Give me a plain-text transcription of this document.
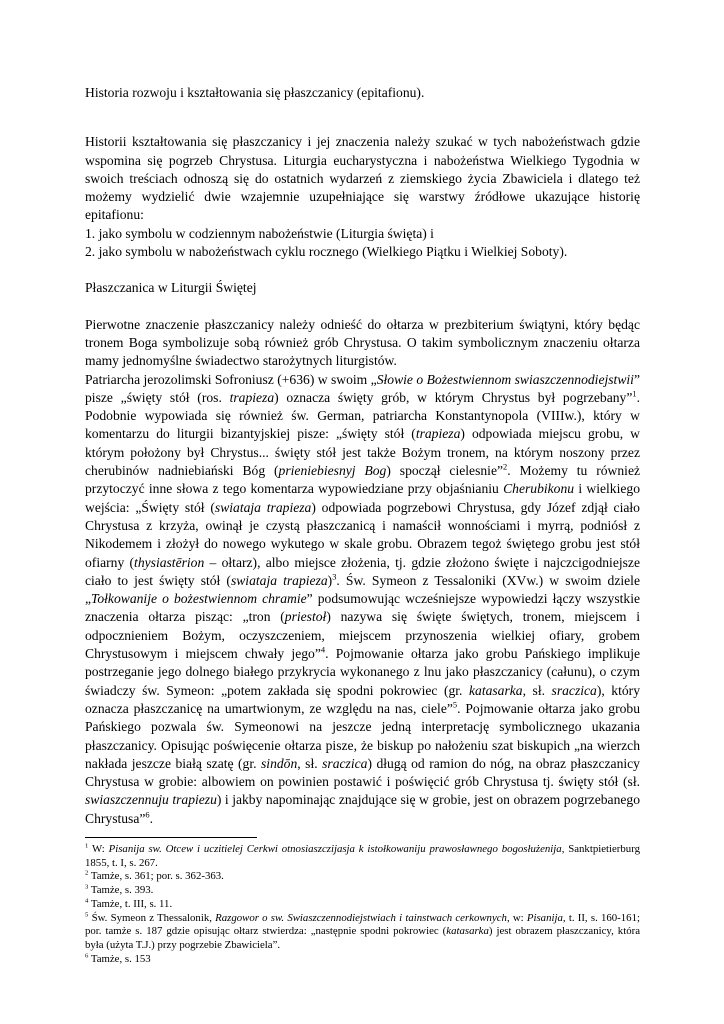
Historia rozwoju i kształtowania się płaszczanicy (epitafionu).

Historii kształtowania się płaszczanicy i jej znaczenia należy szukać w tych nabożeństwach gdzie wspomina się pogrzeb Chrystusa. Liturgia eucharystyczna i nabożeństwa Wielkiego Tygodnia w swoich treściach odnoszą się do ostatnich wydarzeń z ziemskiego życia Zbawiciela i dlatego też możemy wydzielić dwie wzajemnie uzupełniające się warstwy źródłowe ukazujące historię epitafionu:

1. jako symbolu w codziennym nabożeństwie (Liturgia święta) i

2. jako symbolu w nabożeństwach cyklu rocznego (Wielkiego Piątku i Wielkiej Soboty).

Płaszczanica w Liturgii Świętej

Pierwotne znaczenie płaszczanicy należy odnieść do ołtarza w prezbiterium świątyni, który będąc tronem Boga symbolizuje sobą również grób Chrystusa. O takim symbolicznym znaczeniu ołtarza mamy jednomyślne świadectwo starożytnych liturgistów.

Patriarcha jerozolimski Sofroniusz (+636) w swoim „Słowie o Bożestwiennom swiaszczennodiejstwii” pisze „święty stół (ros. trapieza) oznacza święty grób, w którym Chrystus był pogrzebany”$^1$. Podobnie wypowiada się również św. German, patriarcha Konstantynopola (VIIIw.), który w komentarzu do liturgii bizantyjskiej pisze: „święty stół (trapieza) odpowiada miejscu grobu, w którym położony był Chrystus... święty stół jest także Bożym tronem, na którym noszony przez cherubinów nadniebiański Bóg (prieniebiesnyj Bog) spoczął cielesnie”$^2$. Możemy tu również przytoczyć inne słowa z tego komentarza wypowiedziane przy objaśnianiu Cherubikonu i wielkiego wejścia: „Święty stół (swiataja trapieza) odpowiada pogrzebowi Chrystusa, gdy Józef zdjął ciało Chrystusa z krzyża, owinął je czystą płaszczanicą i namaścił wonnościami i myrrą, podniósł z Nikodemem i złożył do nowego wykutego w skale grobu. Obrazem tegoż świętego grobu jest stół ofiarny (thysiastērion – ołtarz), albo miejsce złożenia, tj. gdzie złożono święte i najczcigodniejsze ciało to jest święty stół (swiataja trapieza)$^3$. Św. Symeon z Tessaloniki (XVw.) w swoim dziele „Tołkowanije o bożestwiennom chramie” podsumowując wcześniejsze wypowiedzi łączy wszystkie znaczenia ołtarza pisząc: „tron (priestoł) nazywa się święte świętych, tronem, miejscem i odpocznieniem Bożym, oczyszczeniem, miejscem przynoszenia wielkiej ofiary, grobem Chrystusowym i miejscem chwały jego”$^4$. Pojmowanie ołtarza jako grobu Pańskiego implikuje postrzeganie jego dolnego białego przykrycia wykonanego z lnu jako płaszczanicy (całunu), o czym świadczy św. Symeon: „potem zakłada się spodni pokrowiec (gr. katasarka, sł. sraczica), który oznacza płaszczanicę na umartwionym, ze względu na nas, ciele”$^5$. Pojmowanie ołtarza jako grobu Pańskiego pozwala św. Symeonowi na jeszcze jedną interpretację symbolicznego ukazania płaszczanicy. Opisując poświęcenie ołtarza pisze, że biskup po nałożeniu szat biskupich „na wierzch nakłada jeszcze białą szatę (gr. sindōn, sł. sraczica) długą od ramion do nóg, na obraz płaszczanicy Chrystusa w grobie: albowiem on powinien postawić i poświęcić grób Chrystusa tj. święty stół (sł. swiaszczennuju trapiezu) i jakby napominając znajdujące się w grobie, jest on obrazem pogrzebanego Chrystusa”$^6$.

$^1$ W: Pisanija sw. Otcew i uczitielej Cerkwi otnosiaszczijasja k istołkowaniju prawosławnego bogosłużenija, Sanktpietierburg 1855, t. I, s. 267.

$^2$ Tamże, s. 361; por. s. 362-363.

$^3$ Tamże, s. 393.

$^4$ Tamże, t. III, s. 11.

$^5$ Św. Symeon z Thessalonik, Razgowor o sw. Swiaszczennodiejstwiach i tainstwach cerkownych, w: Pisanija, t. II, s. 160-161; por. tamże s. 187 gdzie opisując ołtarz stwierdza: „następnie spodni pokrowiec (katasarka) jest obrazem płaszczanicy, która była (użyta T.J.) przy pogrzebie Zbawiciela”.

$^6$ Tamże, s. 153
